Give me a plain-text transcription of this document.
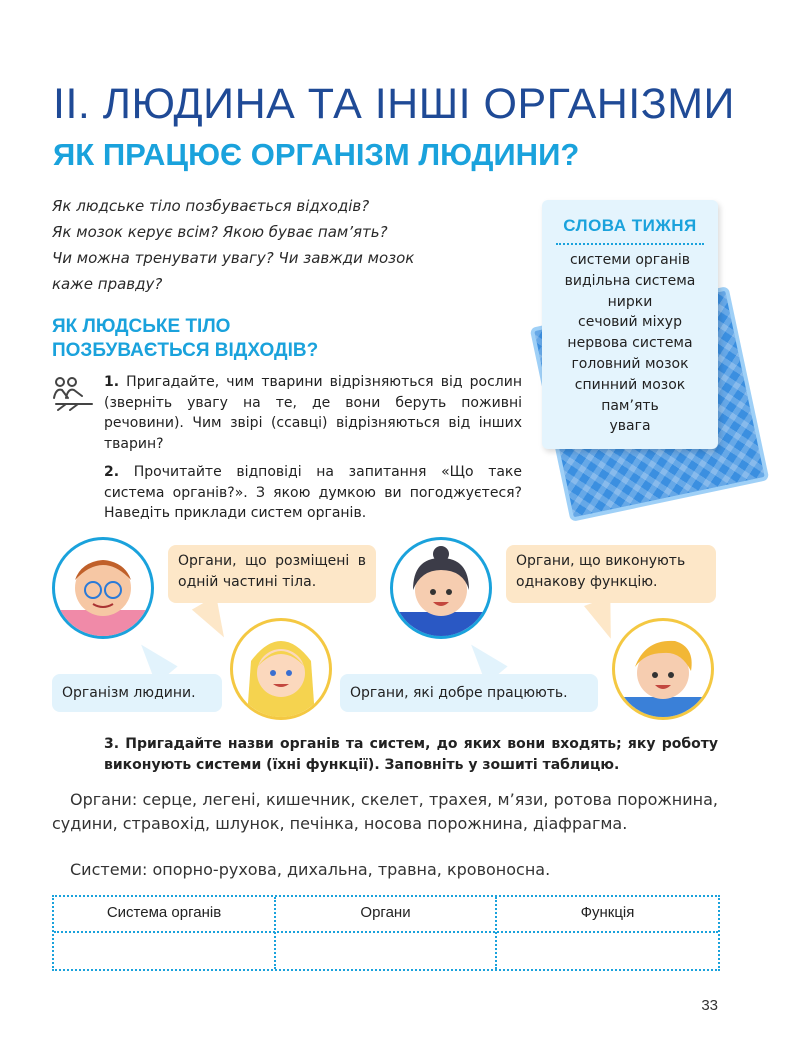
ІІ. ЛЮДИНА ТА ІНШІ ОРГАНІЗМИ
ЯК ПРАЦЮЄ ОРГАНІЗМ ЛЮДИНИ?
Як людське тіло позбувається відходів?
Як мозок керує всім? Якою буває пам’ять?
Чи можна тренувати увагу? Чи завжди мозок
каже правду?
СЛОВА ТИЖНЯ
системи органів
видільна система
нирки
сечовий міхур
нервова система
головний мозок
спинний мозок
пам’ять
увага
ЯК ЛЮДСЬКЕ ТІЛО
ПОЗБУВАЄТЬСЯ ВІДХОДІВ?
1. Пригадайте, чим тварини відрізняються від рослин (зверніть увагу на те, де вони беруть поживні речовини). Чим звірі (ссавці) відрізняються від інших тварин?
2. Прочитайте відповіді на запитання «Що таке система органів?». З якою думкою ви погоджуєтеся? Наведіть приклади систем органів.
Органи, що розміщені в одній частині тіла.
Організм людини.
Органи, що виконують однакову функцію.
Органи, які добре працюють.
3. Пригадайте назви органів та систем, до яких вони входять; яку роботу виконують системи (їхні функції). Заповніть у зошиті таблицю.
Органи: серце, легені, кишечник, скелет, трахея, м’язи, ротова порожнина, судини, стравохід, шлунок, печінка, носова порожнина, діафрагма.
Системи: опорно-рухова, дихальна, травна, кровоносна.
Система органів	Органи	Функція
33
